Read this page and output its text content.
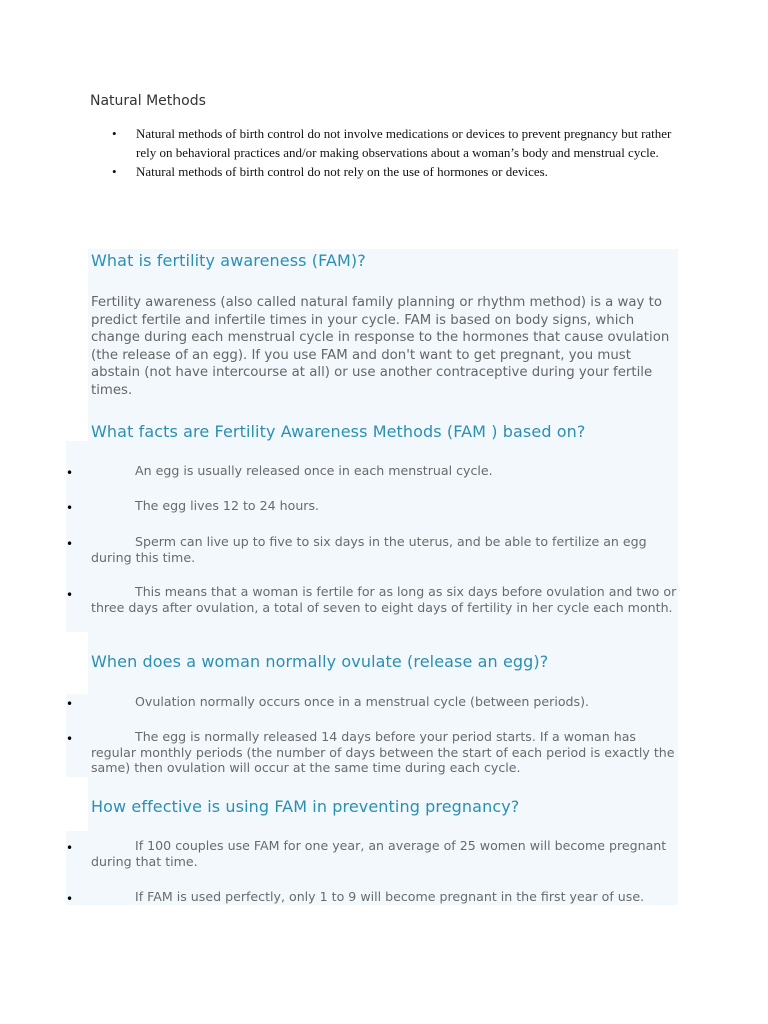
Natural Methods
• Natural methods of birth control do not involve medications or devices to prevent pregnancy but rather rely on behavioral practices and/or making observations about a woman’s body and menstrual cycle.
• Natural methods of birth control do not rely on the use of hormones or devices.
What is fertility awareness (FAM)?

Fertility awareness (also called natural family planning or rhythm method) is a way to predict fertile and infertile times in your cycle. FAM is based on body signs, which change during each menstrual cycle in response to the hormones that cause ovulation (the release of an egg). If you use FAM and don't want to get pregnant, you must abstain (not have intercourse at all) or use another contraceptive during your fertile times.

What facts are Fertility Awareness Methods (FAM ) based on?
•	An egg is usually released once in each menstrual cycle.

•	The egg lives 12 to 24 hours.

•	Sperm can live up to five to six days in the uterus, and be able to fertilize an egg during this time.

•	This means that a woman is fertile for as long as six days before ovulation and two or three days after ovulation, a total of seven to eight days of fertility in her cycle each month.

When does a woman normally ovulate (release an egg)?
•	Ovulation normally occurs once in a menstrual cycle (between periods).

•	The egg is normally released 14 days before your period starts. If a woman has regular monthly periods (the number of days between the start of each period is exactly the same) then ovulation will occur at the same time during each cycle.

How effective is using FAM in preventing pregnancy?
•	If 100 couples use FAM for one year, an average of 25 women will become pregnant during that time.

•	If FAM is used perfectly, only 1 to 9 will become pregnant in the first year of use.
